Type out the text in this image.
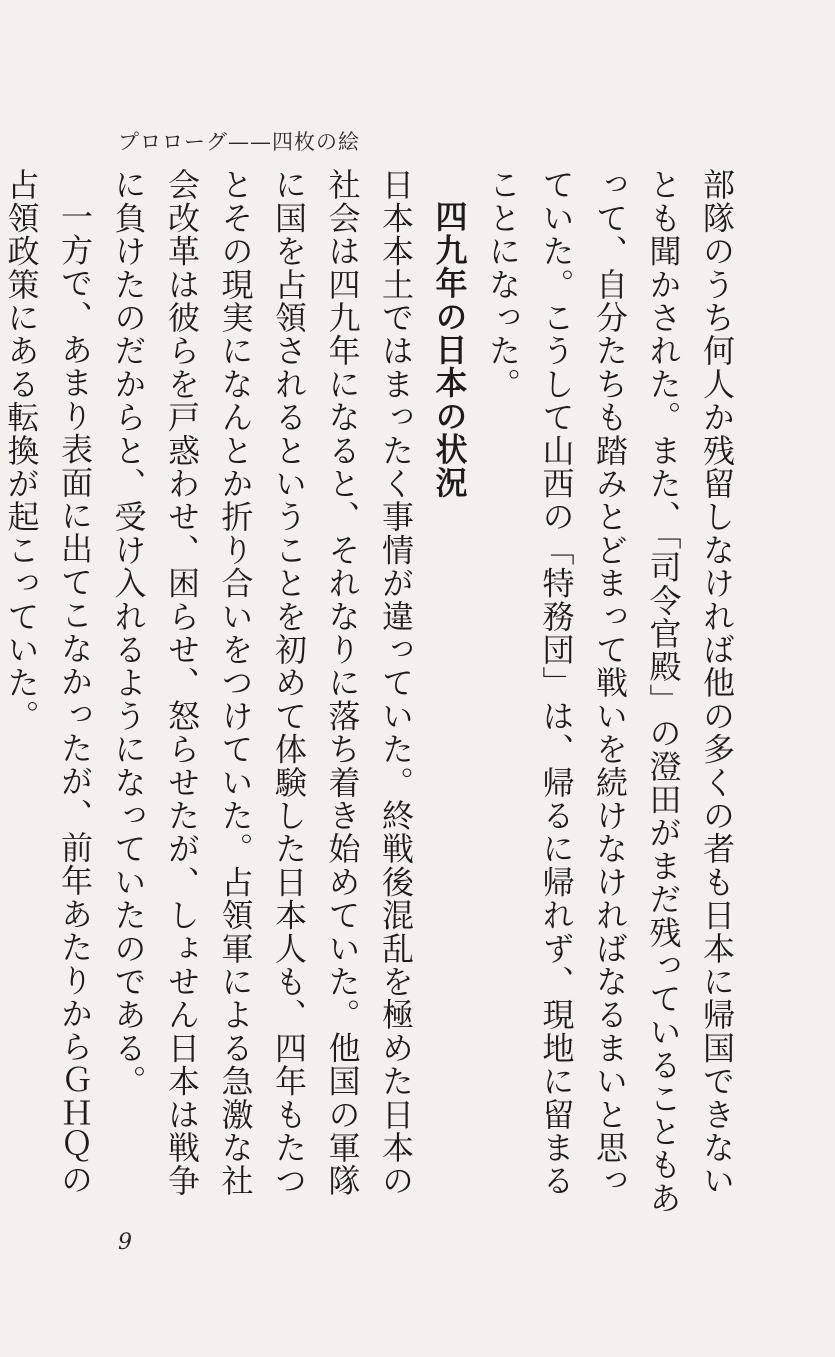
プロローグ——四枚の絵

部隊のうち何人か残留しなければ他の多くの者も日本に帰国できないとも聞かされた。また、「司令官殿」の澄田がまだ残っていることもあって、自分たちも踏みとどまって戦いを続けなければなるまいと思っていた。こうして山西の「特務団」は、帰るに帰れず、現地に留まることになった。

四九年の日本の状況

日本本土ではまったく事情が違っていた。終戦後混乱を極めた日本の社会は四九年になると、それなりに落ち着き始めていた。他国の軍隊に国を占領されるということを初めて体験した日本人も、四年もたつとその現実になんとか折り合いをつけていた。占領軍による急激な社会改革は彼らを戸惑わせ、困らせ、怒らせたが、しょせん日本は戦争に負けたのだからと、受け入れるようになっていたのである。

一方で、あまり表面に出てこなかったが、前年あたりからＧＨＱの占領政策にある転換が起こっていた。

9
